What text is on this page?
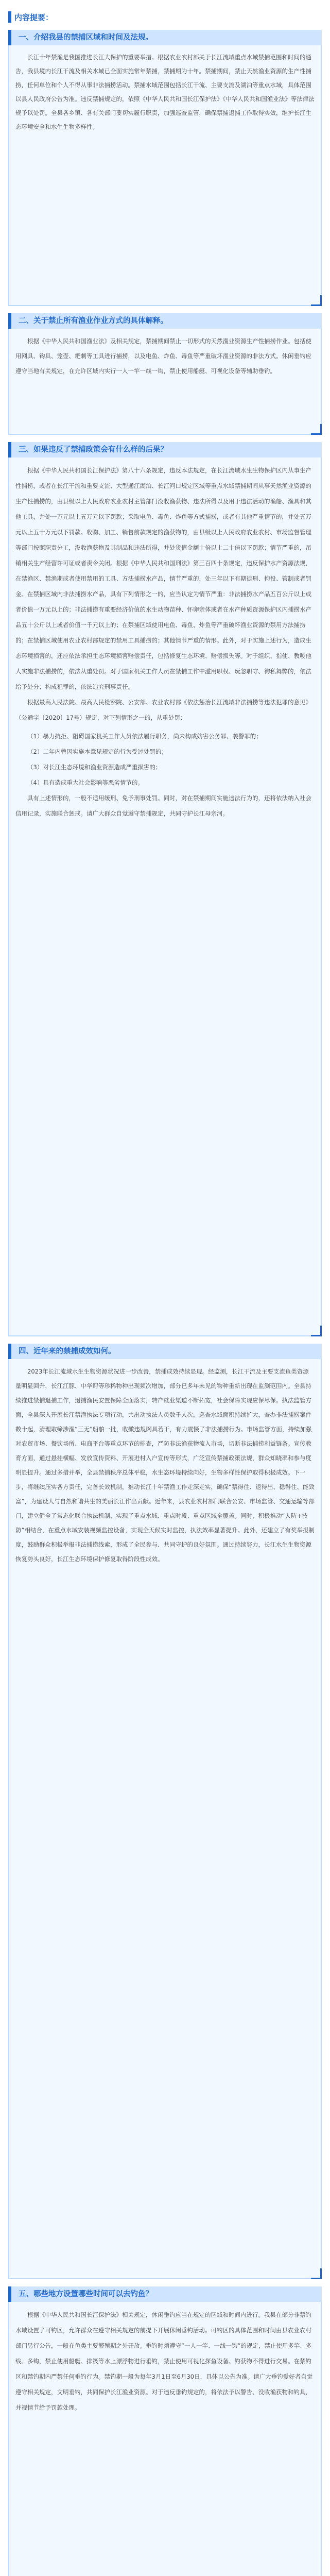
内容提要：
一、介绍我县的禁捕区域和时间及法规。

长江十年禁渔是我国推进长江大保护的重要举措。根据农业农村部关于长江流域重点水域禁捕范围和时间的通告，我县境内长江干流及相关水域已全面实施常年禁捕，禁捕期为十年。禁捕期间，禁止天然渔业资源的生产性捕捞，任何单位和个人不得从事非法捕捞活动。禁捕水域范围包括长江干流、主要支流及湖泊等重点水域，具体范围以县人民政府公告为准。违反禁捕规定的，依照《中华人民共和国长江保护法》《中华人民共和国渔业法》等法律法规予以处罚。全县各乡镇、各有关部门要切实履行职责，加强巡查监管，确保禁捕退捕工作取得实效，维护长江生态环境安全和水生生物多样性。

二、关于禁止所有渔业作业方式的具体解释。

根据《中华人民共和国渔业法》及相关规定，禁捕期间禁止一切形式的天然渔业资源生产性捕捞作业。包括使用网具、钩具、笼壶、耙刺等工具进行捕捞，以及电鱼、炸鱼、毒鱼等严重破坏渔业资源的非法方式。休闲垂钓应遵守当地有关规定，在允许区域内实行一人一竿一线一钩，禁止使用船艇、可视化设备等辅助垂钓。

三、如果违反了禁捕政策会有什么样的后果？

根据《中华人民共和国长江保护法》第八十六条规定，违反本法规定，在长江流域水生生物保护区内从事生产性捕捞，或者在长江干流和重要支流、大型通江湖泊、长江河口规定区域等重点水域禁捕期间从事天然渔业资源的生产性捕捞的，由县级以上人民政府农业农村主管部门没收渔获物、违法所得以及用于违法活动的渔船、渔具和其他工具，并处一万元以上五万元以下罚款；采取电鱼、毒鱼、炸鱼等方式捕捞，或者有其他严重情节的，并处五万元以上五十万元以下罚款。收购、加工、销售前款规定的渔获物的，由县级以上人民政府农业农村、市场监督管理等部门按照职责分工，没收渔获物及其制品和违法所得，并处货值金额十倍以上二十倍以下罚款；情节严重的，吊销相关生产经营许可证或者责令关闭。根据《中华人民共和国刑法》第三百四十条规定，违反保护水产资源法规，在禁渔区、禁渔期或者使用禁用的工具、方法捕捞水产品，情节严重的，处三年以下有期徒刑、拘役、管制或者罚金。在禁捕区域内非法捕捞水产品，具有下列情形之一的，应当认定为情节严重：非法捕捞水产品五百公斤以上或者价值一万元以上的；非法捕捞有重要经济价值的水生动物苗种、怀卵亲体或者在水产种质资源保护区内捕捞水产品五十公斤以上或者价值一千元以上的；在禁捕区域使用电鱼、毒鱼、炸鱼等严重破坏渔业资源的禁用方法捕捞的；在禁捕区域使用农业农村部规定的禁用工具捕捞的；其他情节严重的情形。此外，对于实施上述行为，造成生态环境损害的，还应依法承担生态环境损害赔偿责任，包括修复生态环境、赔偿损失等。对于组织、指使、教唆他人实施非法捕捞的，依法从重处罚。对于国家机关工作人员在禁捕工作中滥用职权、玩忽职守、徇私舞弊的，依法给予处分；构成犯罪的，依法追究刑事责任。

根据最高人民法院、最高人民检察院、公安部、农业农村部《依法惩治长江流域非法捕捞等违法犯罪的意见》（公通字〔2020〕17号）规定，对下列情形之一的，从重处罚：

（1）暴力抗拒、阻碍国家机关工作人员依法履行职务，尚未构成妨害公务罪、袭警罪的；
（2）二年内曾因实施本意见规定的行为受过处罚的；
（3）对长江生态环境和渔业资源造成严重损害的；
（4）具有造成重大社会影响等恶劣情节的。

具有上述情形的，一般不适用缓刑、免予刑事处罚。同时，对在禁捕期间实施违法行为的，还将依法纳入社会信用记录，实施联合惩戒。请广大群众自觉遵守禁捕规定，共同守护长江母亲河。

四、近年来的禁捕成效如何。

2023年长江流域水生生物资源状况进一步改善，禁捕成效持续显现。经监测，长江干流及主要支流鱼类资源量明显回升，长江江豚、中华鲟等珍稀物种出现频次增加，部分已多年未见的物种重新出现在监测范围内。全县持续推进禁捕退捕工作，退捕渔民安置保障全面落实，转产就业渠道不断拓宽，社会保障实现应保尽保。执法监管方面，全县深入开展长江禁渔执法专项行动，共出动执法人员数千人次，巡查水域面积持续扩大，查办非法捕捞案件数十起，清理取缔涉渔“三无”船舶一批，收缴违规网具若干，有力震慑了非法捕捞行为。市场监管方面，持续加强对农贸市场、餐饮场所、电商平台等重点环节的排查，严防非法渔获物流入市场，切断非法捕捞利益链条。宣传教育方面，通过悬挂横幅、发放宣传资料、开展进村入户宣传等形式，广泛宣传禁捕政策法规，群众知晓率和参与度明显提升。通过多措并举，全县禁捕秩序总体平稳，水生态环境持续向好，生物多样性保护取得积极成效。下一步，将继续压实各方责任，完善长效机制，推动长江十年禁渔工作走深走实，确保“禁得住、退得出、稳得住、能致富”，为建设人与自然和谐共生的美丽长江作出贡献。近年来，县农业农村部门联合公安、市场监管、交通运输等部门，建立健全了常态化联合执法机制，实现了重点水域、重点时段、重点区域全覆盖。同时，积极推动“人防+技防”相结合，在重点水域安装视频监控设备，实现全天候实时监控，执法效率显著提升。此外，还建立了有奖举报制度，鼓励群众积极举报非法捕捞线索，形成了全民参与、共同守护的良好氛围。通过持续努力，长江水生生物资源恢复势头良好，长江生态环境保护修复取得阶段性成效。

五、哪些地方设置哪些时间可以去钓鱼？

根据《中华人民共和国长江保护法》相关规定，休闲垂钓应当在规定的区域和时间内进行。我县在部分非禁钓水域设置了可钓区，允许群众在遵守相关规定的前提下开展休闲垂钓活动。可钓区的具体范围和时间由县农业农村部门另行公告，一般在鱼类主要繁殖期之外开放。垂钓时须遵守“一人一竿、一线一钩”的规定，禁止使用多竿、多线、多钩，禁止使用船艇、排筏等水上漂浮物进行垂钓，禁止使用可视化探鱼设备、钓获物不得进行交易。在禁钓区和禁钓期内严禁任何垂钓行为。禁钓期一般为每年3月1日至6月30日，具体以公告为准。请广大垂钓爱好者自觉遵守相关规定，文明垂钓，共同保护长江渔业资源。对于违反垂钓规定的，将依法予以警告、没收渔获物和钓具，并视情节给予罚款处理。
